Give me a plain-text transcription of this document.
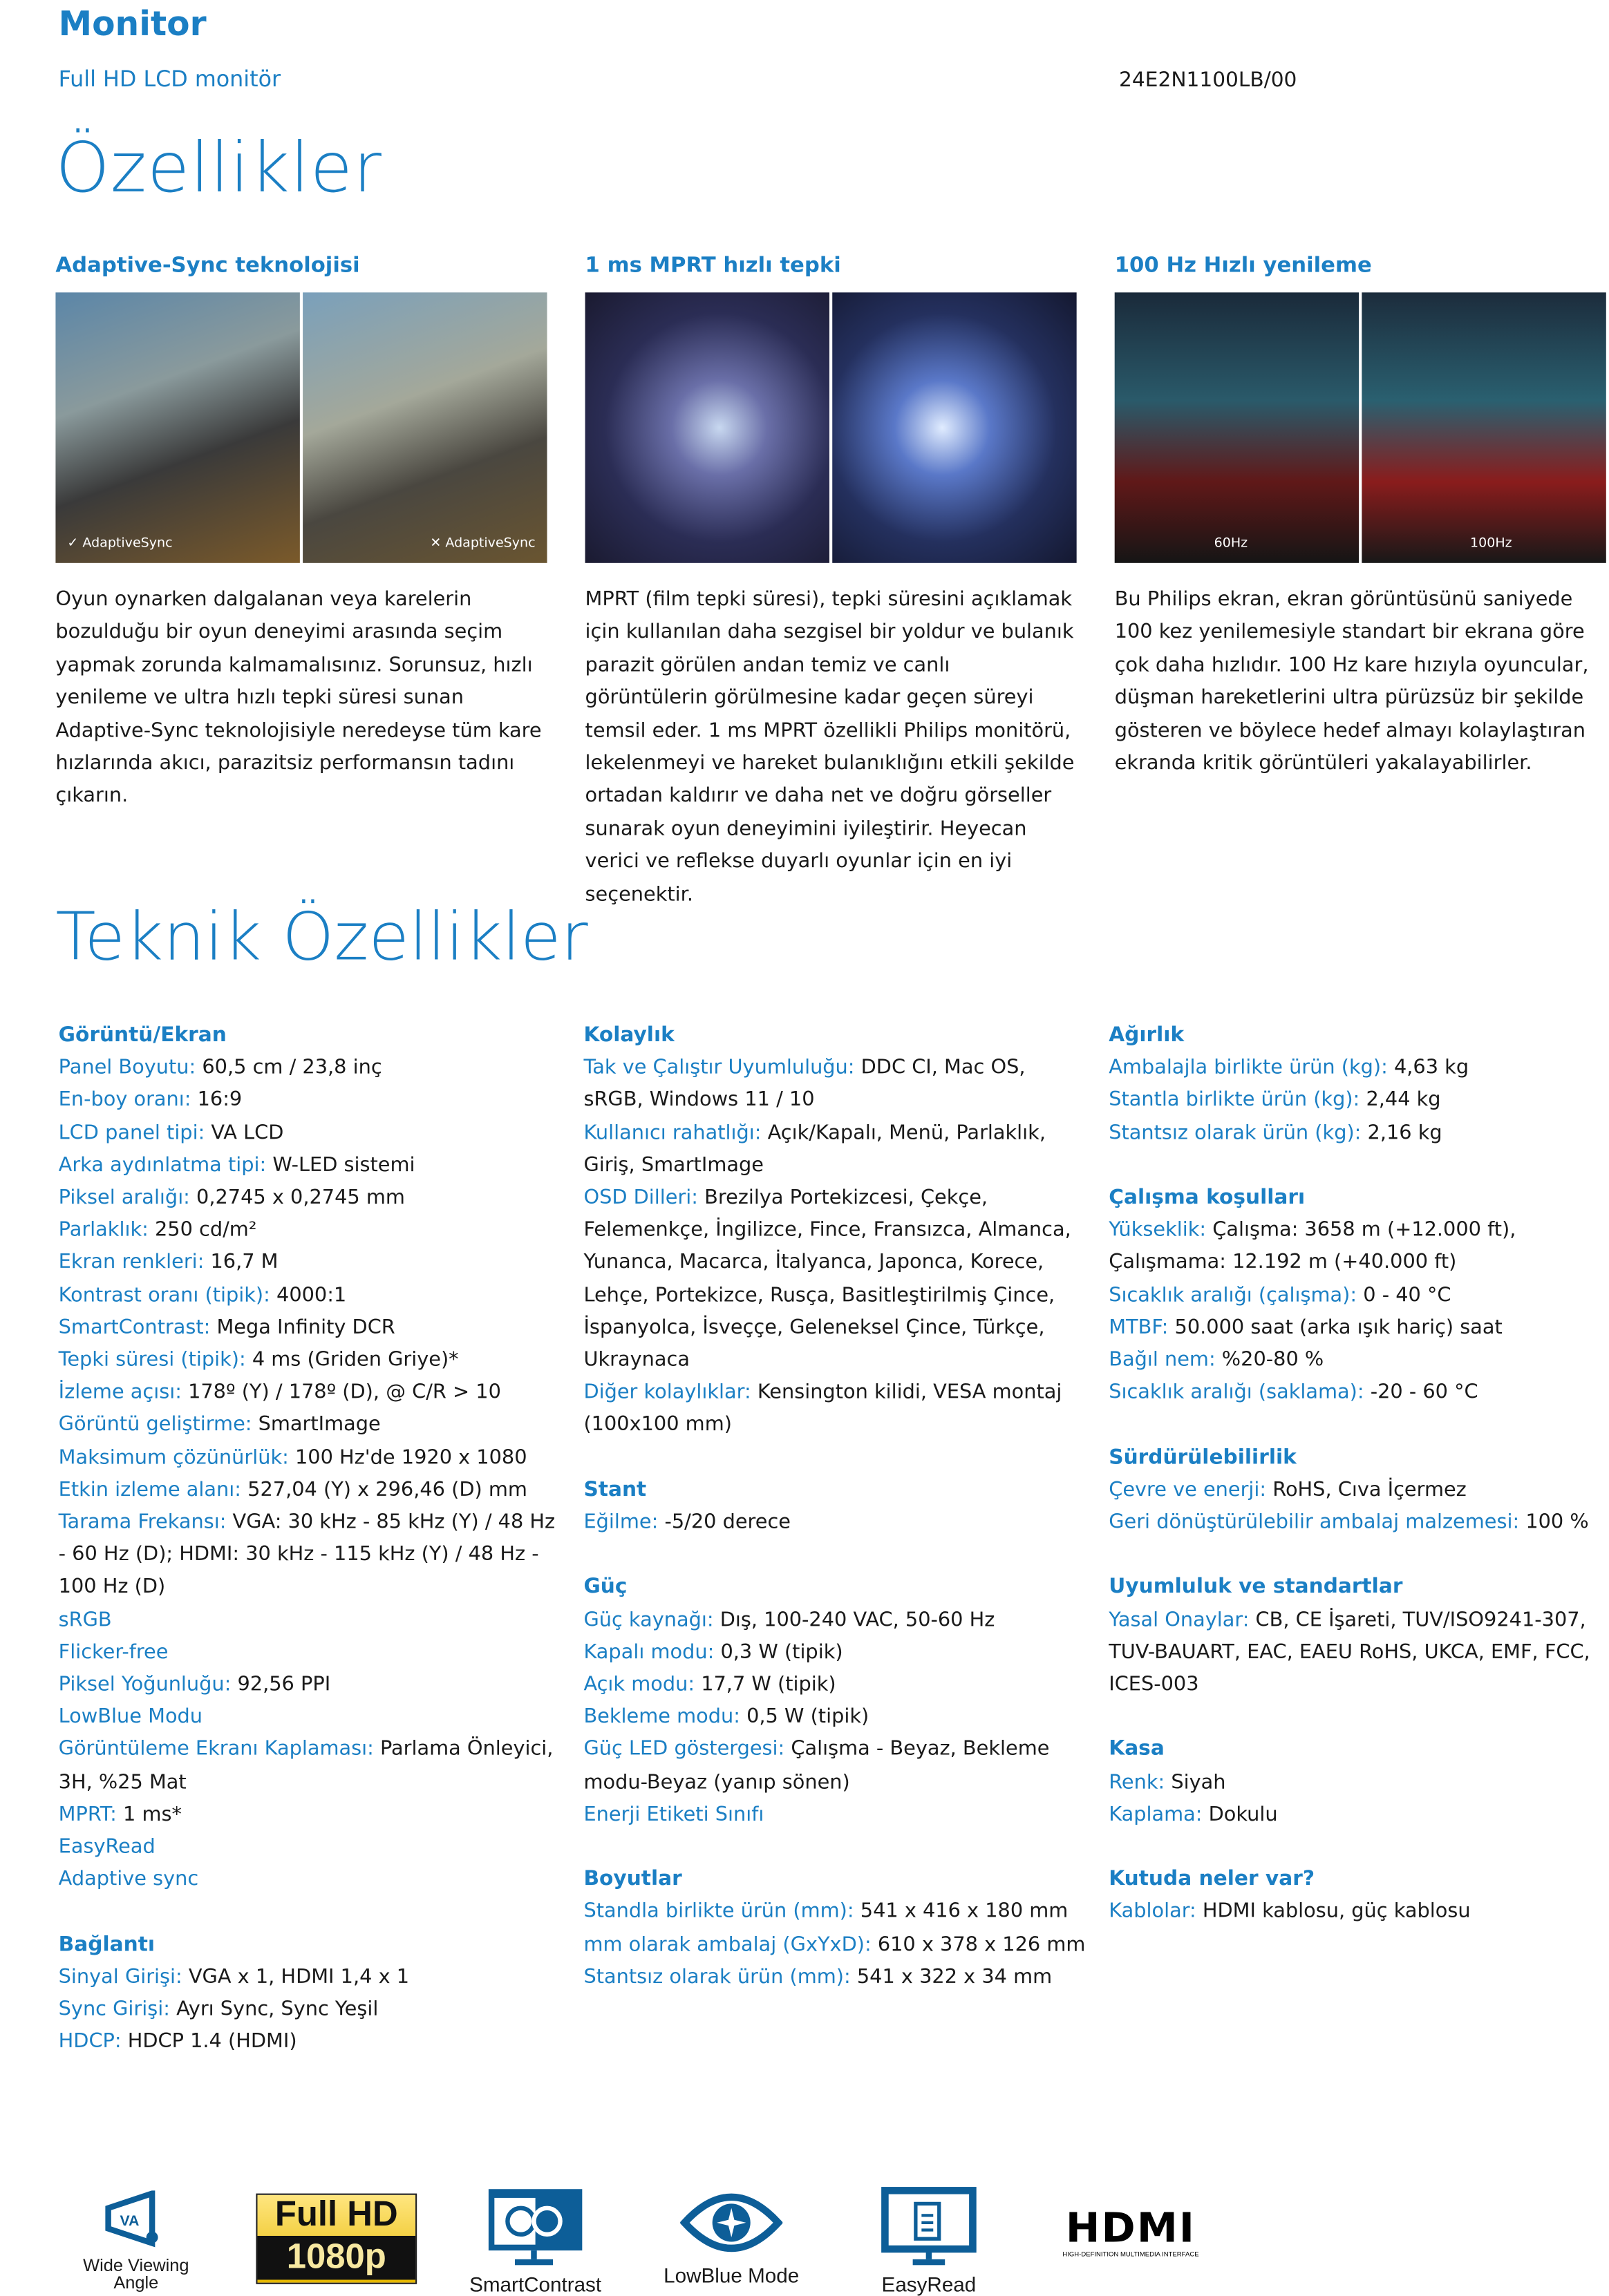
Monitor
Full HD LCD monitör	24E2N1100LB/00
Özellikler
Adaptive-Sync teknolojisi
✓ AdaptiveSync	✕ AdaptiveSync

Oyun oynarken dalgalanan veya karelerin bozulduğu bir oyun deneyimi arasında seçim yapmak zorunda kalmamalısınız. Sorunsuz, hızlı yenileme ve ultra hızlı tepki süresi sunan Adaptive-Sync teknolojisiyle neredeyse tüm kare hızlarında akıcı, parazitsiz performansın tadını çıkarın.

1 ms MPRT hızlı tepki

MPRT (film tepki süresi), tepki süresini açıklamak için kullanılan daha sezgisel bir yoldur ve bulanık parazit görülen andan temiz ve canlı görüntülerin görülmesine kadar geçen süreyi temsil eder. 1 ms MPRT özellikli Philips monitörü, lekelenmeyi ve hareket bulanıklığını etkili şekilde ortadan kaldırır ve daha net ve doğru görseller sunarak oyun deneyimini iyileştirir. Heyecan verici ve reflekse duyarlı oyunlar için en iyi seçenektir.

100 Hz Hızlı yenileme
60Hz	100Hz

Bu Philips ekran, ekran görüntüsünü saniyede 100 kez yenilemesiyle standart bir ekrana göre çok daha hızlıdır. 100 Hz kare hızıyla oyuncular, düşman hareketlerini ultra pürüzsüz bir şekilde gösteren ve böylece hedef almayı kolaylaştıran ekranda kritik görüntüleri yakalayabilirler.

Teknik Özellikler
Görüntü/Ekran
Panel Boyutu: 60,5 cm / 23,8 inç
En-boy oranı: 16:9
LCD panel tipi: VA LCD
Arka aydınlatma tipi: W-LED sistemi
Piksel aralığı: 0,2745 x 0,2745 mm
Parlaklık: 250 cd/m²
Ekran renkleri: 16,7 M
Kontrast oranı (tipik): 4000:1
SmartContrast: Mega Infinity DCR
Tepki süresi (tipik): 4 ms (Griden Griye)*
İzleme açısı: 178º (Y) / 178º (D), @ C/R > 10
Görüntü geliştirme: SmartImage
Maksimum çözünürlük: 100 Hz'de 1920 x 1080
Etkin izleme alanı: 527,04 (Y) x 296,46 (D) mm
Tarama Frekansı: VGA: 30 kHz - 85 kHz (Y) / 48 Hz - 60 Hz (D); HDMI: 30 kHz - 115 kHz (Y) / 48 Hz - 100 Hz (D)
sRGB
Flicker-free
Piksel Yoğunluğu: 92,56 PPI
LowBlue Modu
Görüntüleme Ekranı Kaplaması: Parlama Önleyici, 3H, %25 Mat
MPRT: 1 ms*
EasyRead
Adaptive sync
Bağlantı
Sinyal Girişi: VGA x 1, HDMI 1,4 x 1
Sync Girişi: Ayrı Sync, Sync Yeşil
HDCP: HDCP 1.4 (HDMI)
Kolaylık
Tak ve Çalıştır Uyumluluğu: DDC CI, Mac OS, sRGB, Windows 11 / 10
Kullanıcı rahatlığı: Açık/Kapalı, Menü, Parlaklık, Giriş, SmartImage
OSD Dilleri: Brezilya Portekizcesi, Çekçe, Felemenkçe, İngilizce, Fince, Fransızca, Almanca, Yunanca, Macarca, İtalyanca, Japonca, Korece, Lehçe, Portekizce, Rusça, Basitleştirilmiş Çince, İspanyolca, İsveççe, Geleneksel Çince, Türkçe, Ukraynaca
Diğer kolaylıklar: Kensington kilidi, VESA montaj (100x100 mm)
Stant
Eğilme: -5/20 derece
Güç
Güç kaynağı: Dış, 100-240 VAC, 50-60 Hz
Kapalı modu: 0,3 W (tipik)
Açık modu: 17,7 W (tipik)
Bekleme modu: 0,5 W (tipik)
Güç LED göstergesi: Çalışma - Beyaz, Bekleme modu-Beyaz (yanıp sönen)
Enerji Etiketi Sınıfı
Boyutlar
Standla birlikte ürün (mm): 541 x 416 x 180 mm
mm olarak ambalaj (GxYxD): 610 x 378 x 126 mm
Stantsız olarak ürün (mm): 541 x 322 x 34 mm
Ağırlık
Ambalajla birlikte ürün (kg): 4,63 kg
Stantla birlikte ürün (kg): 2,44 kg
Stantsız olarak ürün (kg): 2,16 kg
Çalışma koşulları
Yükseklik: Çalışma: 3658 m (+12.000 ft), Çalışmama: 12.192 m (+40.000 ft)
Sıcaklık aralığı (çalışma): 0 - 40 °C
MTBF: 50.000 saat (arka ışık hariç) saat
Bağıl nem: %20-80 %
Sıcaklık aralığı (saklama): -20 - 60 °C
Sürdürülebilirlik
Çevre ve enerji: RoHS, Cıva İçermez
Geri dönüştürülebilir ambalaj malzemesi: 100 %
Uyumluluk ve standartlar
Yasal Onaylar: CB, CE İşareti, TUV/ISO9241-307, TUV-BAUART, EAC, EAEU RoHS, UKCA, EMF, FCC, ICES-003
Kasa
Renk: Siyah
Kaplama: Dokulu
Kutuda neler var?
Kablolar: HDMI kablosu, güç kablosu
VA
Wide Viewing Angle
Full HD
1080p
SmartContrast	LowBlue Mode	EasyRead
HDMI
HIGH-DEFINITION MULTIMEDIA INTERFACE
